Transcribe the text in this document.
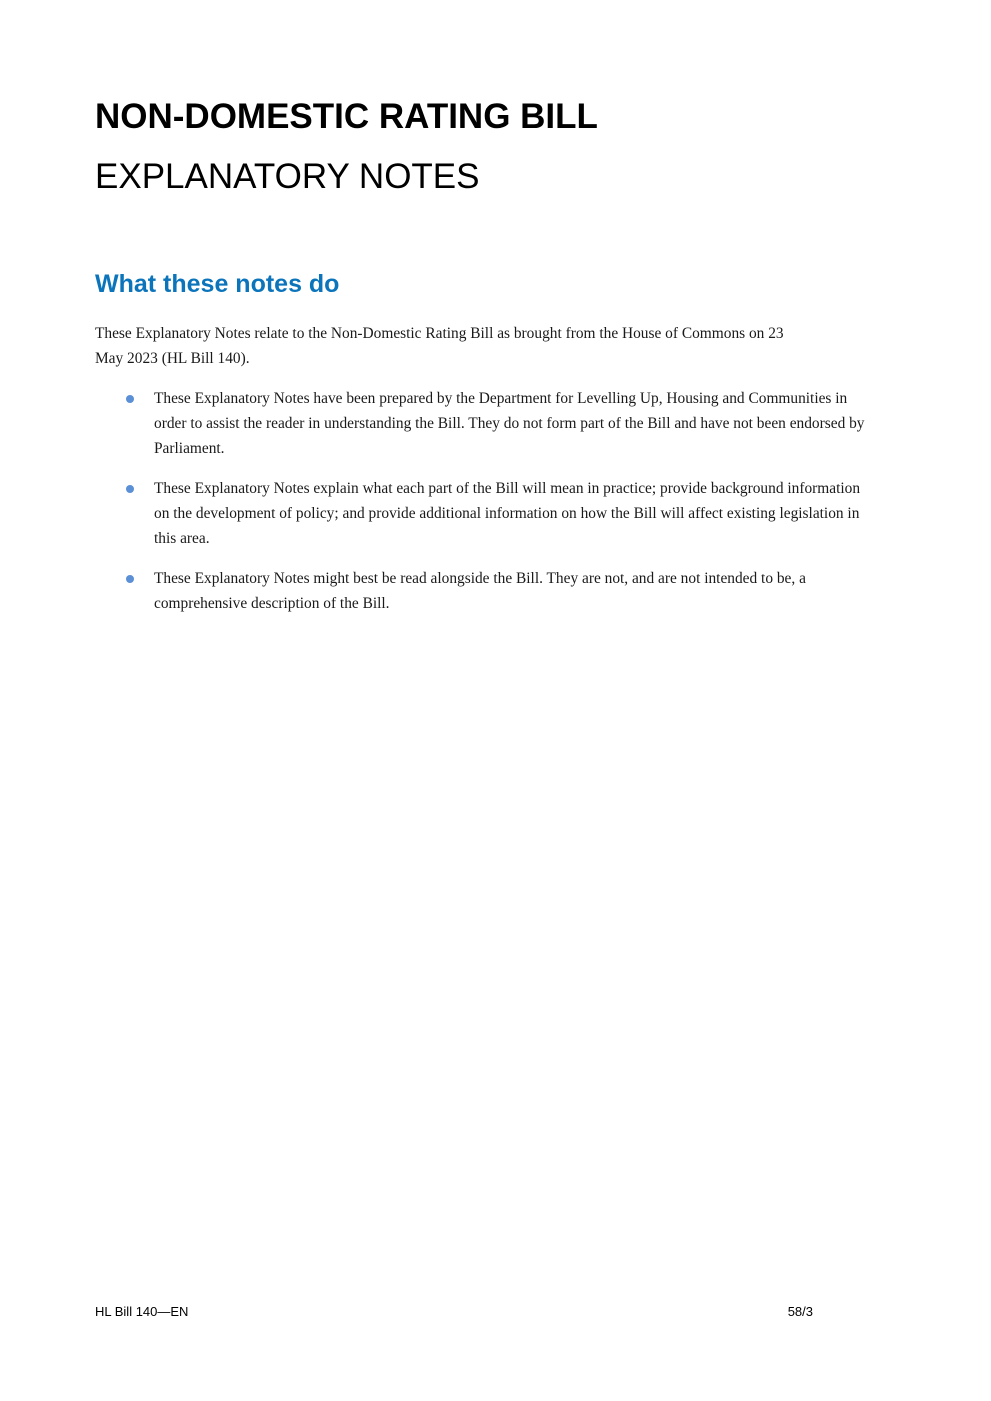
NON-DOMESTIC RATING BILL
EXPLANATORY NOTES
What these notes do

These Explanatory Notes relate to the Non-Domestic Rating Bill as brought from the House of Commons on 23 May 2023 (HL Bill 140).

These Explanatory Notes have been prepared by the Department for Levelling Up, Housing and Communities in order to assist the reader in understanding the Bill. They do not form part of the Bill and have not been endorsed by Parliament.
These Explanatory Notes explain what each part of the Bill will mean in practice; provide background information on the development of policy; and provide additional information on how the Bill will affect existing legislation in this area.
These Explanatory Notes might best be read alongside the Bill. They are not, and are not intended to be, a comprehensive description of the Bill.
HL Bill 140—EN	58/3
